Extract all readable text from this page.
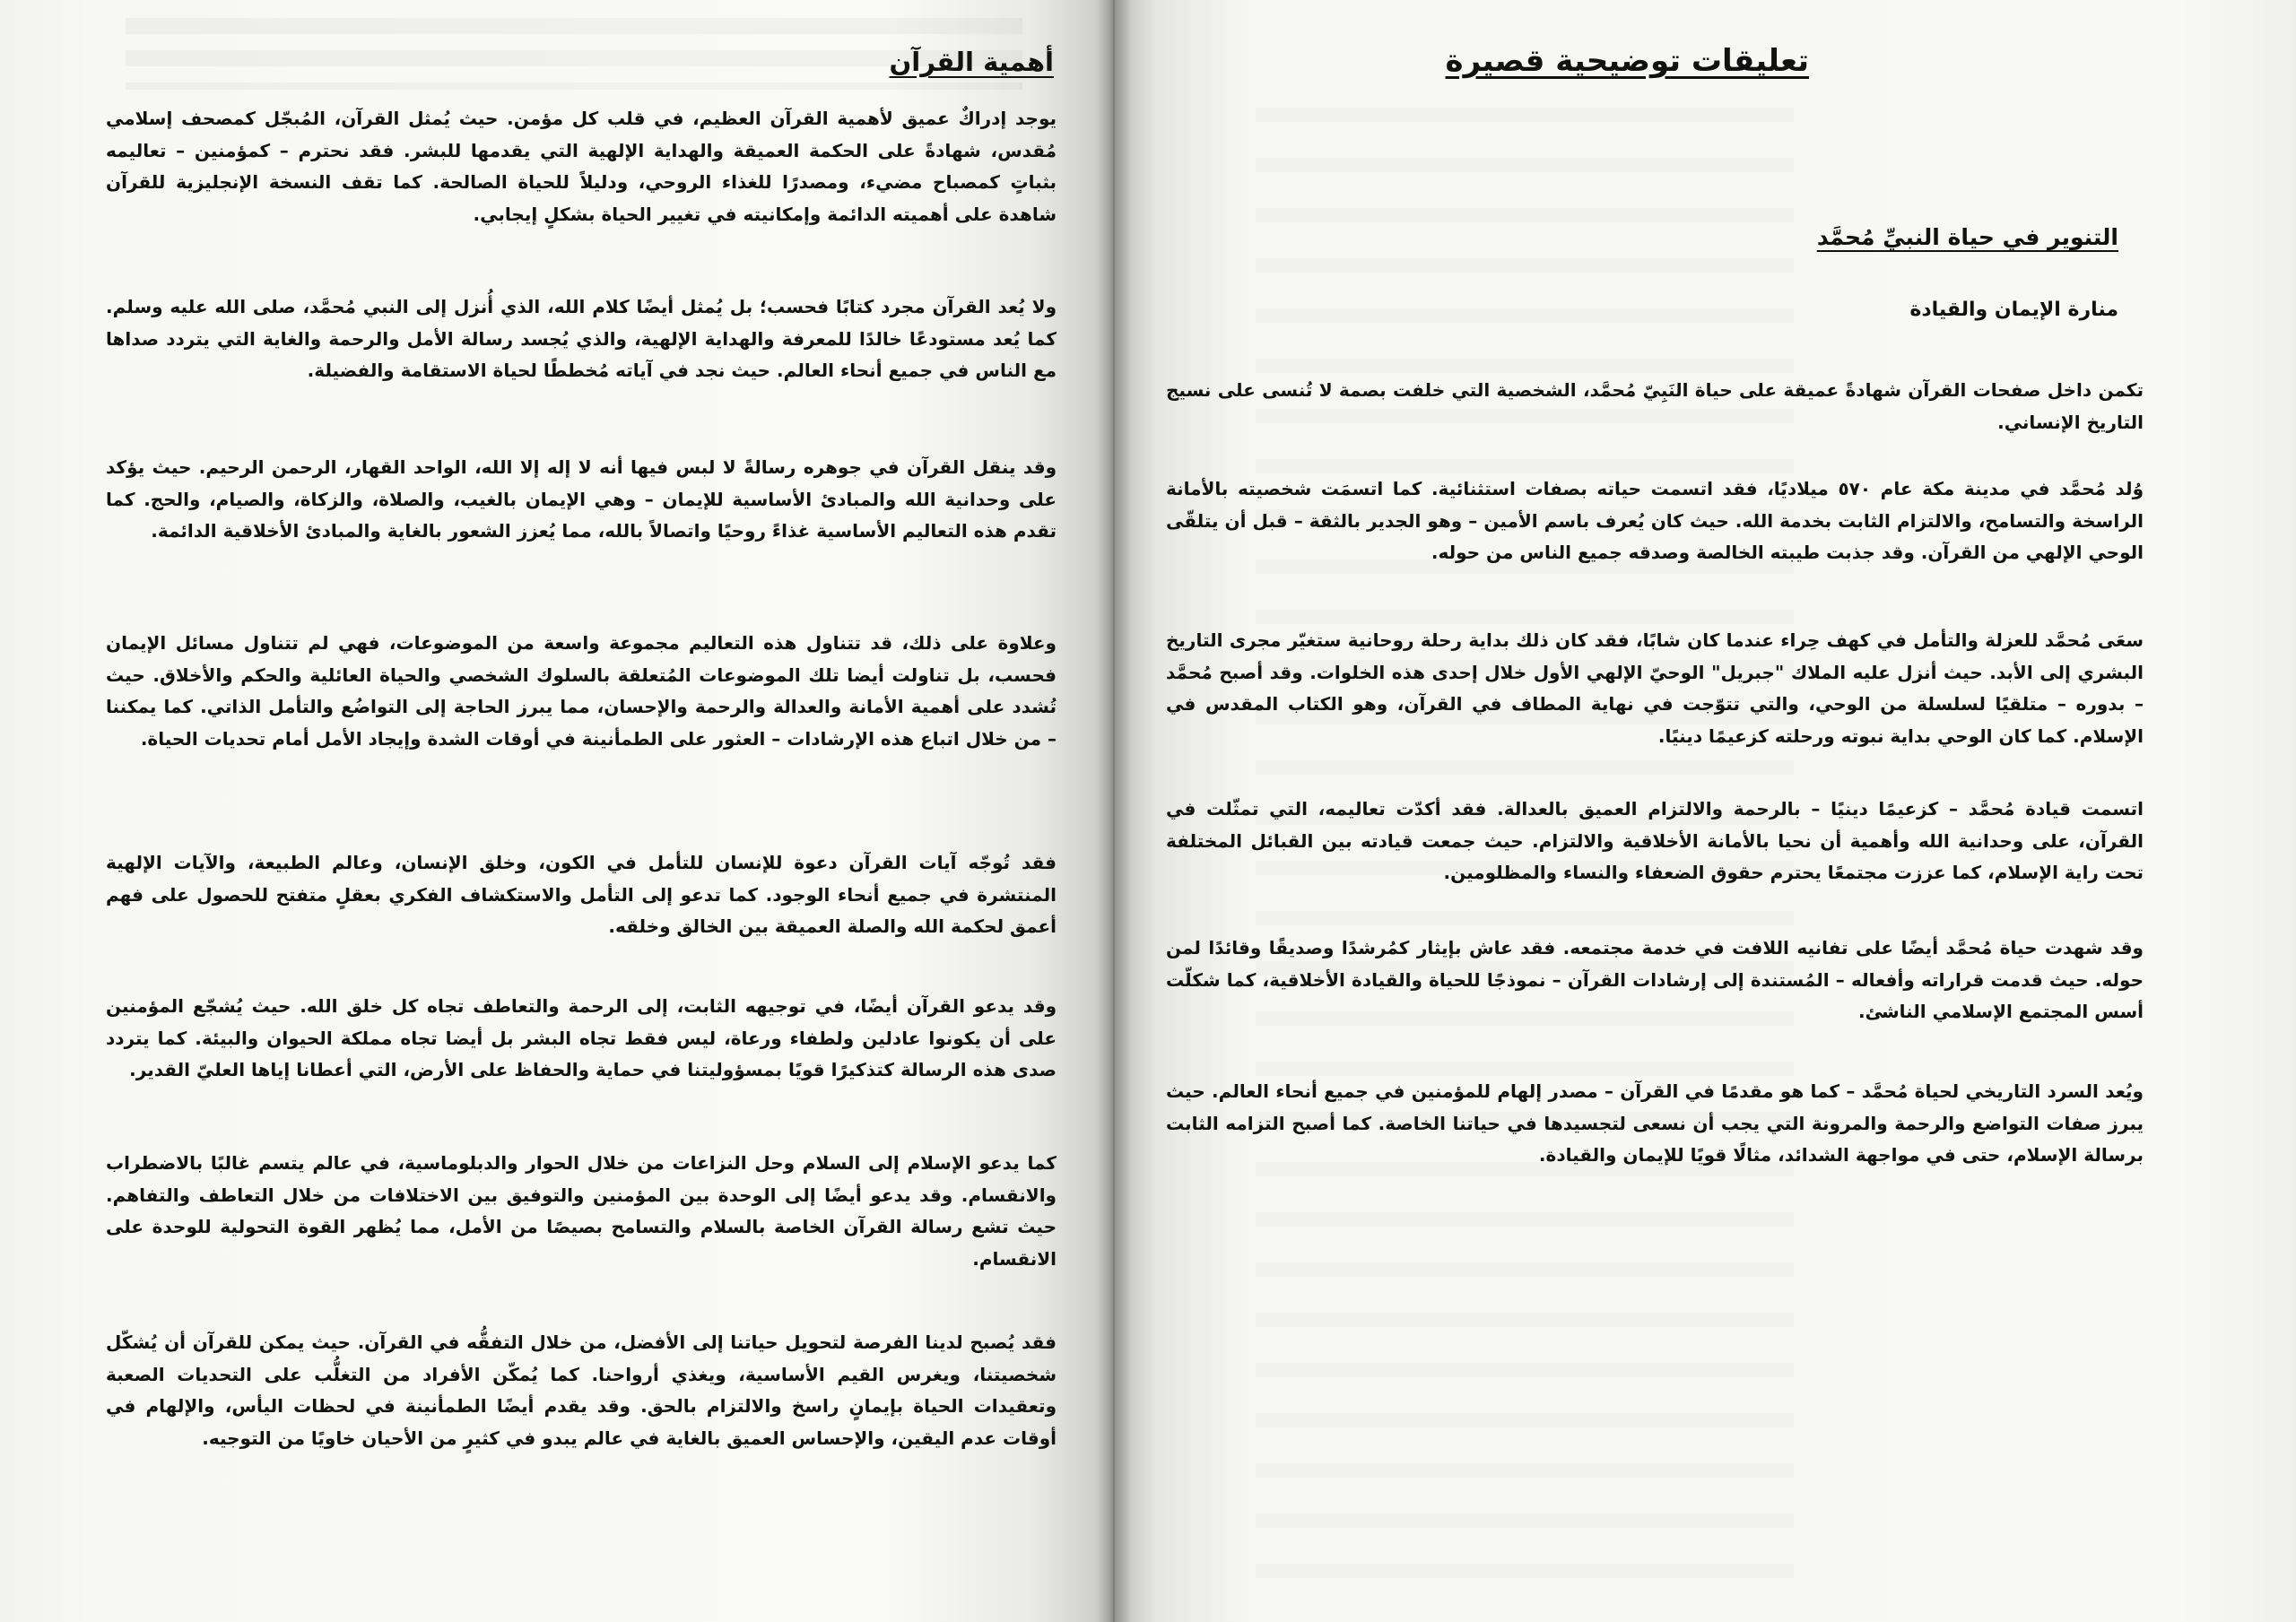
أهمية القرآن

يوجد إدراكٌ عميق لأهمية القرآن العظيم، في قلب كل مؤمن. حيث يُمثل القرآن، المُبجّل كمصحف إسلامي مُقدس، شهادةً على الحكمة العميقة والهداية الإلهية التي يقدمها للبشر. فقد نحترم – كمؤمنين – تعاليمه بثباتٍ كمصباح مضيء، ومصدرًا للغذاء الروحي، ودليلاً للحياة الصالحة. كما تقف النسخة الإنجليزية للقرآن شاهدة على أهميته الدائمة وإمكانيته في تغيير الحياة بشكلٍ إيجابي.

ولا يُعد القرآن مجرد كتابًا فحسب؛ بل يُمثل أيضًا كلام الله، الذي أُنزل إلى النبي مُحمَّد، صلى الله عليه وسلم. كما يُعد مستودعًا خالدًا للمعرفة والهداية الإلهية، والذي يُجسد رسالة الأمل والرحمة والغاية التي يتردد صداها مع الناس في جميع أنحاء العالم. حيث نجد في آياته مُخططًا لحياة الاستقامة والفضيلة.

وقد ينقل القرآن في جوهره رسالةً لا لبس فيها أنه لا إله إلا الله، الواحد القهار، الرحمن الرحيم. حيث يؤكد على وحدانية الله والمبادئ الأساسية للإيمان – وهي الإيمان بالغيب، والصلاة، والزكاة، والصيام، والحج. كما تقدم هذه التعاليم الأساسية غذاءً روحيًا واتصالاً بالله، مما يُعزز الشعور بالغاية والمبادئ الأخلاقية الدائمة.

وعلاوة على ذلك، قد تتناول هذه التعاليم مجموعة واسعة من الموضوعات، فهي لم تتناول مسائل الإيمان فحسب، بل تناولت أيضا تلك الموضوعات المُتعلقة بالسلوك الشخصي والحياة العائلية والحكم والأخلاق. حيث تُشدد على أهمية الأمانة والعدالة والرحمة والإحسان، مما يبرز الحاجة إلى التواضُع والتأمل الذاتي. كما يمكننا – من خلال اتباع هذه الإرشادات – العثور على الطمأنينة في أوقات الشدة وإيجاد الأمل أمام تحديات الحياة.

فقد تُوجّه آيات القرآن دعوة للإنسان للتأمل في الكون، وخلق الإنسان، وعالم الطبيعة، والآيات الإلهية المنتشرة في جميع أنحاء الوجود. كما تدعو إلى التأمل والاستكشاف الفكري بعقلٍ متفتح للحصول على فهم أعمق لحكمة الله والصلة العميقة بين الخالق وخلقه.

وقد يدعو القرآن أيضًا، في توجيهه الثابت، إلى الرحمة والتعاطف تجاه كل خلق الله. حيث يُشجّع المؤمنين على أن يكونوا عادلين ولطفاء ورعاة، ليس فقط تجاه البشر بل أيضا تجاه مملكة الحيوان والبيئة. كما يتردد صدى هذه الرسالة كتذكيرًا قويًا بمسؤوليتنا في حماية والحفاظ على الأرض، التي أعطانا إياها العليّ القدير.

كما يدعو الإسلام إلى السلام وحل النزاعات من خلال الحوار والدبلوماسية، في عالم يتسم غالبًا بالاضطراب والانقسام. وقد يدعو أيضًا إلى الوحدة بين المؤمنين والتوفيق بين الاختلافات من خلال التعاطف والتفاهم. حيث تشع رسالة القرآن الخاصة بالسلام والتسامح بصيصًا من الأمل، مما يُظهر القوة التحولية للوحدة على الانقسام.

فقد يُصبح لدينا الفرصة لتحويل حياتنا إلى الأفضل، من خلال التفقُّه في القرآن. حيث يمكن للقرآن أن يُشكّل شخصيتنا، ويغرس القيم الأساسية، ويغذي أرواحنا. كما يُمكّن الأفراد من التغلُّب على التحديات الصعبة وتعقيدات الحياة بإيمانٍ راسخ والالتزام بالحق. وقد يقدم أيضًا الطمأنينة في لحظات اليأس، والإلهام في أوقات عدم اليقين، والإحساس العميق بالغاية في عالم يبدو في كثيرٍ من الأحيان خاويًا من التوجيه.

تعليقات توضيحية قصيرة
التنوير في حياة النبيِّ مُحمَّد
منارة الإيمان والقيادة

تكمن داخل صفحات القرآن شهادةً عميقة على حياة النَبِيّ مُحمَّد، الشخصية التي خلفت بصمة لا تُنسى على نسيج التاريخ الإنساني.

وُلد مُحمَّد في مدينة مكة عام ٥٧٠ ميلاديًا، فقد اتسمت حياته بصفات استثنائية. كما اتسمَت شخصيته بالأمانة الراسخة والتسامح، والالتزام الثابت بخدمة الله. حيث كان يُعرف باسم الأمين – وهو الجدير بالثقة – قبل أن يتلقّى الوحي الإلهي من القرآن. وقد جذبت طيبته الخالصة وصدقه جميع الناس من حوله.

سعَى مُحمَّد للعزلة والتأمل في كهف حِراء عندما كان شابًا، فقد كان ذلك بداية رحلة روحانية ستغيّر مجرى التاريخ البشري إلى الأبد. حيث أنزل عليه الملاك "جبريل" الوحيّ الإلهي الأول خلال إحدى هذه الخلوات. وقد أصبح مُحمَّد – بدوره – متلقيًا لسلسلة من الوحي، والتي تتوّجت في نهاية المطاف في القرآن، وهو الكتاب المقدس في الإسلام. كما كان الوحي بداية نبوته ورحلته كزعيمًا دينيًا.

اتسمت قيادة مُحمَّد – كزعيمًا دينيًا – بالرحمة والالتزام العميق بالعدالة. فقد أكدّت تعاليمه، التي تمثّلت في القرآن، على وحدانية الله وأهمية أن نحيا بالأمانة الأخلاقية والالتزام. حيث جمعت قيادته بين القبائل المختلفة تحت راية الإسلام، كما عززت مجتمعًا يحترم حقوق الضعفاء والنساء والمظلومين.

وقد شهدت حياة مُحمَّد أيضًا على تفانيه اللافت في خدمة مجتمعه. فقد عاش بإيثار كمُرشدًا وصديقًا وقائدًا لمن حوله. حيث قدمت قراراته وأفعاله – المُستندة إلى إرشادات القرآن – نموذجًا للحياة والقيادة الأخلاقية، كما شكلّت أسس المجتمع الإسلامي الناشئ.

ويُعد السرد التاريخي لحياة مُحمَّد – كما هو مقدمًا في القرآن – مصدر إلهام للمؤمنين في جميع أنحاء العالم. حيث يبرز صفات التواضع والرحمة والمرونة التي يجب أن نسعى لتجسيدها في حياتنا الخاصة. كما أصبح التزامه الثابت برسالة الإسلام، حتى في مواجهة الشدائد، مثالًا قويًا للإيمان والقيادة.
